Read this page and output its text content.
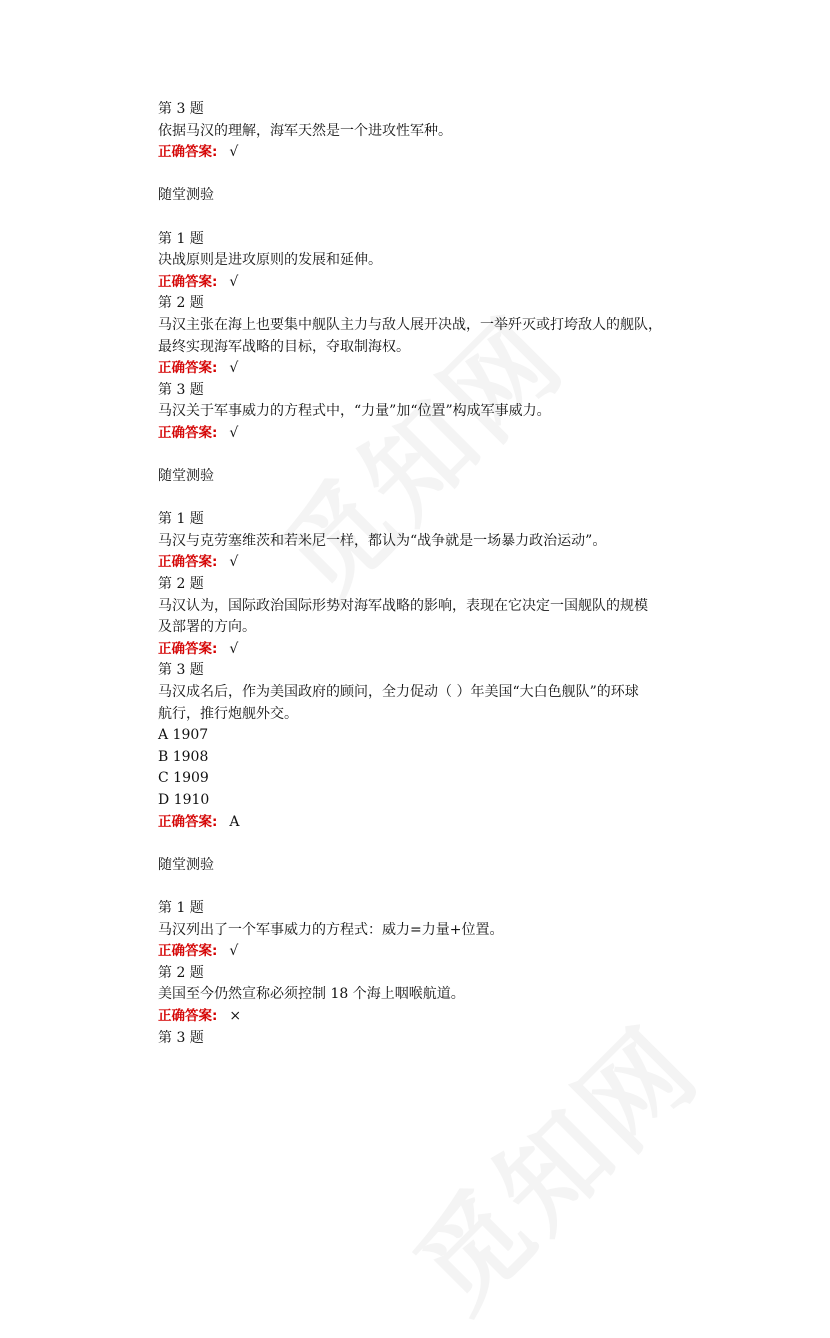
第 3 题
依据马汉的理解，海军天然是一个进攻性军种。
正确答案: √
随堂测验
第 1 题
决战原则是进攻原则的发展和延伸。
正确答案: √
第 2 题
马汉主张在海上也要集中舰队主力与敌人展开决战，一举歼灭或打垮敌人的舰队，
最终实现海军战略的目标，夺取制海权。
正确答案: √
第 3 题
马汉关于军事威力的方程式中，“力量”加“位置”构成军事威力。
正确答案: √
随堂测验
第 1 题
马汉与克劳塞维茨和若米尼一样，都认为“战争就是一场暴力政治运动”。
正确答案: √
第 2 题
马汉认为，国际政治国际形势对海军战略的影响，表现在它决定一国舰队的规模
及部署的方向。
正确答案: √
第 3 题
马汉成名后，作为美国政府的顾问，全力促动（ ）年美国“大白色舰队”的环球
航行，推行炮舰外交。
A 1907
B 1908
C 1909
D 1910
正确答案: A
随堂测验
第 1 题
马汉列出了一个军事威力的方程式：威力=力量+位置。
正确答案: √
第 2 题
美国至今仍然宣称必须控制 18 个海上咽喉航道。
正确答案: ×
第 3 题
